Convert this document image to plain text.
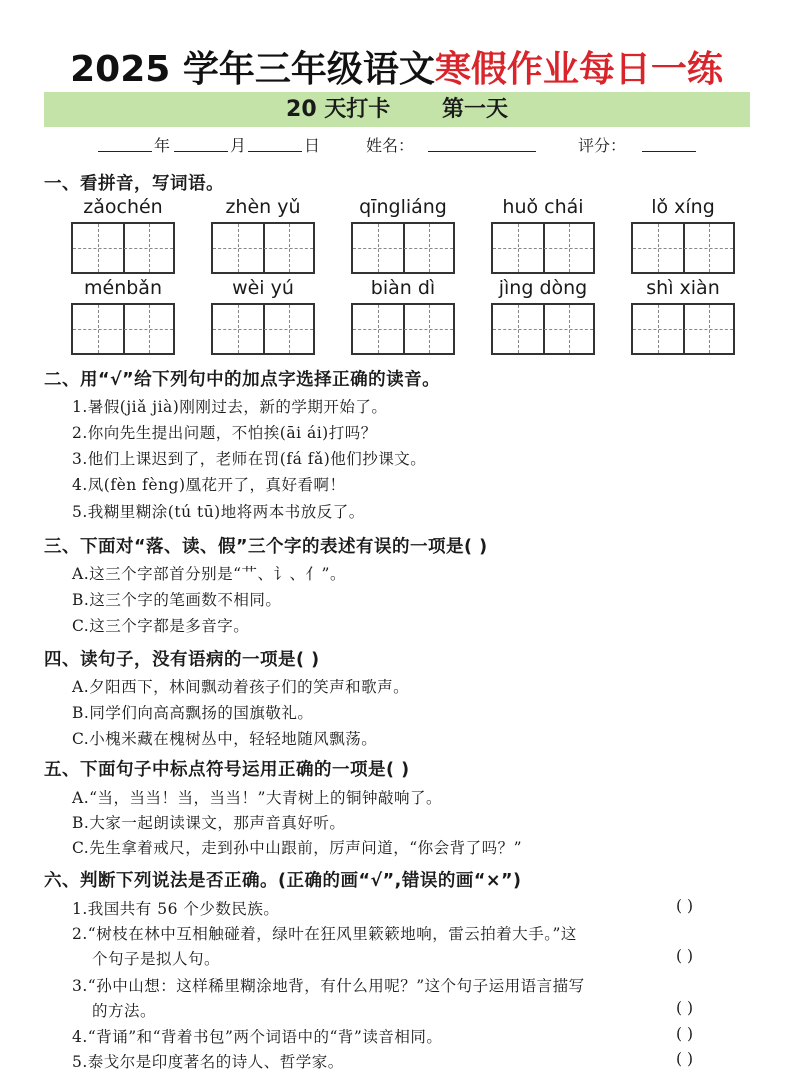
2025 学年三年级语文寒假作业每日一练
20 天打卡 第一天
年	月	日	姓名：	评分：
一、看拼音，写词语。
zǎochén	zhèn yǔ	qīngliáng	huǒ chái	lǒ xíng
ménbǎn	wèi yú	biàn dì	jìng dòng	shì xiàn
二、用“√”给下列句中的加点字选择正确的读音。
1.暑假(jiǎ jià)刚刚过去，新的学期开始了。
2.你向先生提出问题，不怕挨(āi ái)打吗？
3.他们上课迟到了，老师在罚(fá fǎ)他们抄课文。
4.凤(fèn fèng)凰花开了，真好看啊！
5.我糊里糊涂(tú tū)地将两本书放反了。
三、下面对“落、读、假”三个字的表述有误的一项是( )
A.这三个字部首分别是“艹、讠、亻”。
B.这三个字的笔画数不相同。
C.这三个字都是多音字。
四、读句子，没有语病的一项是( )
A.夕阳西下，林间飘动着孩子们的笑声和歌声。
B.同学们向高高飘扬的国旗敬礼。
C.小槐米藏在槐树丛中，轻轻地随风飘荡。
五、下面句子中标点符号运用正确的一项是( )
A.“当，当当！当，当当！”大青树上的铜钟敲响了。
B.大家一起朗读课文，那声音真好听。
C.先生拿着戒尺，走到孙中山跟前，厉声问道，“你会背了吗？”
六、判断下列说法是否正确。(正确的画“√”,错误的画“×”)
1.我国共有 56 个少数民族。	( )
2.“树枝在林中互相触碰着，绿叶在狂风里簌簌地响，雷云拍着大手。”这
个句子是拟人句。	( )
3.“孙中山想：这样稀里糊涂地背，有什么用呢？”这个句子运用语言描写
的方法。	( )
4.“背诵”和“背着书包”两个词语中的“背”读音相同。	( )
5.泰戈尔是印度著名的诗人、哲学家。	( )
